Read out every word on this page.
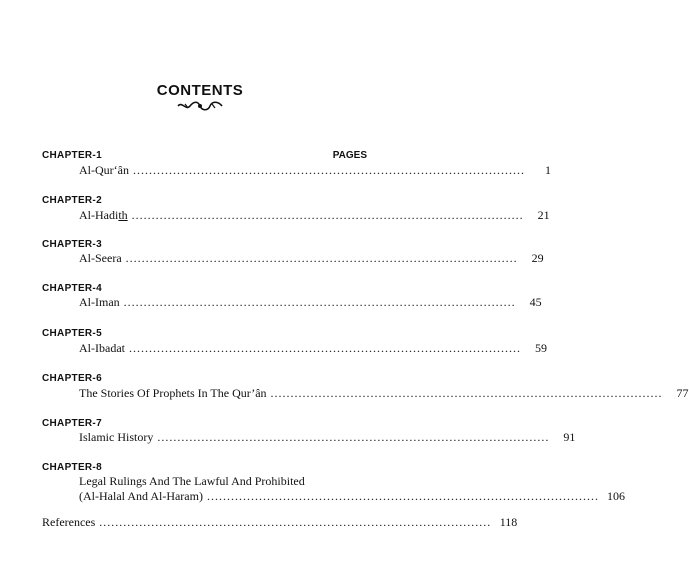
CONTENTS
PAGES
CHAPTER-1
Al-Qur‘ân ..................................................................................................	1
CHAPTER-2
Al-Hadith ..................................................................................................	21
CHAPTER-3
Al-Seera ..................................................................................................	29
CHAPTER-4
Al-Iman ..................................................................................................	45
CHAPTER-5
Al-Ibadat ..................................................................................................	59
CHAPTER-6
The Stories Of Prophets In The Qur’ân ..................................................................................................	77
CHAPTER-7
Islamic History ..................................................................................................	91
CHAPTER-8
Legal Rulings And The Lawful And Prohibited
(Al-Halal And Al-Haram) .................................................................................................. 106
References .................................................................................................. 118
